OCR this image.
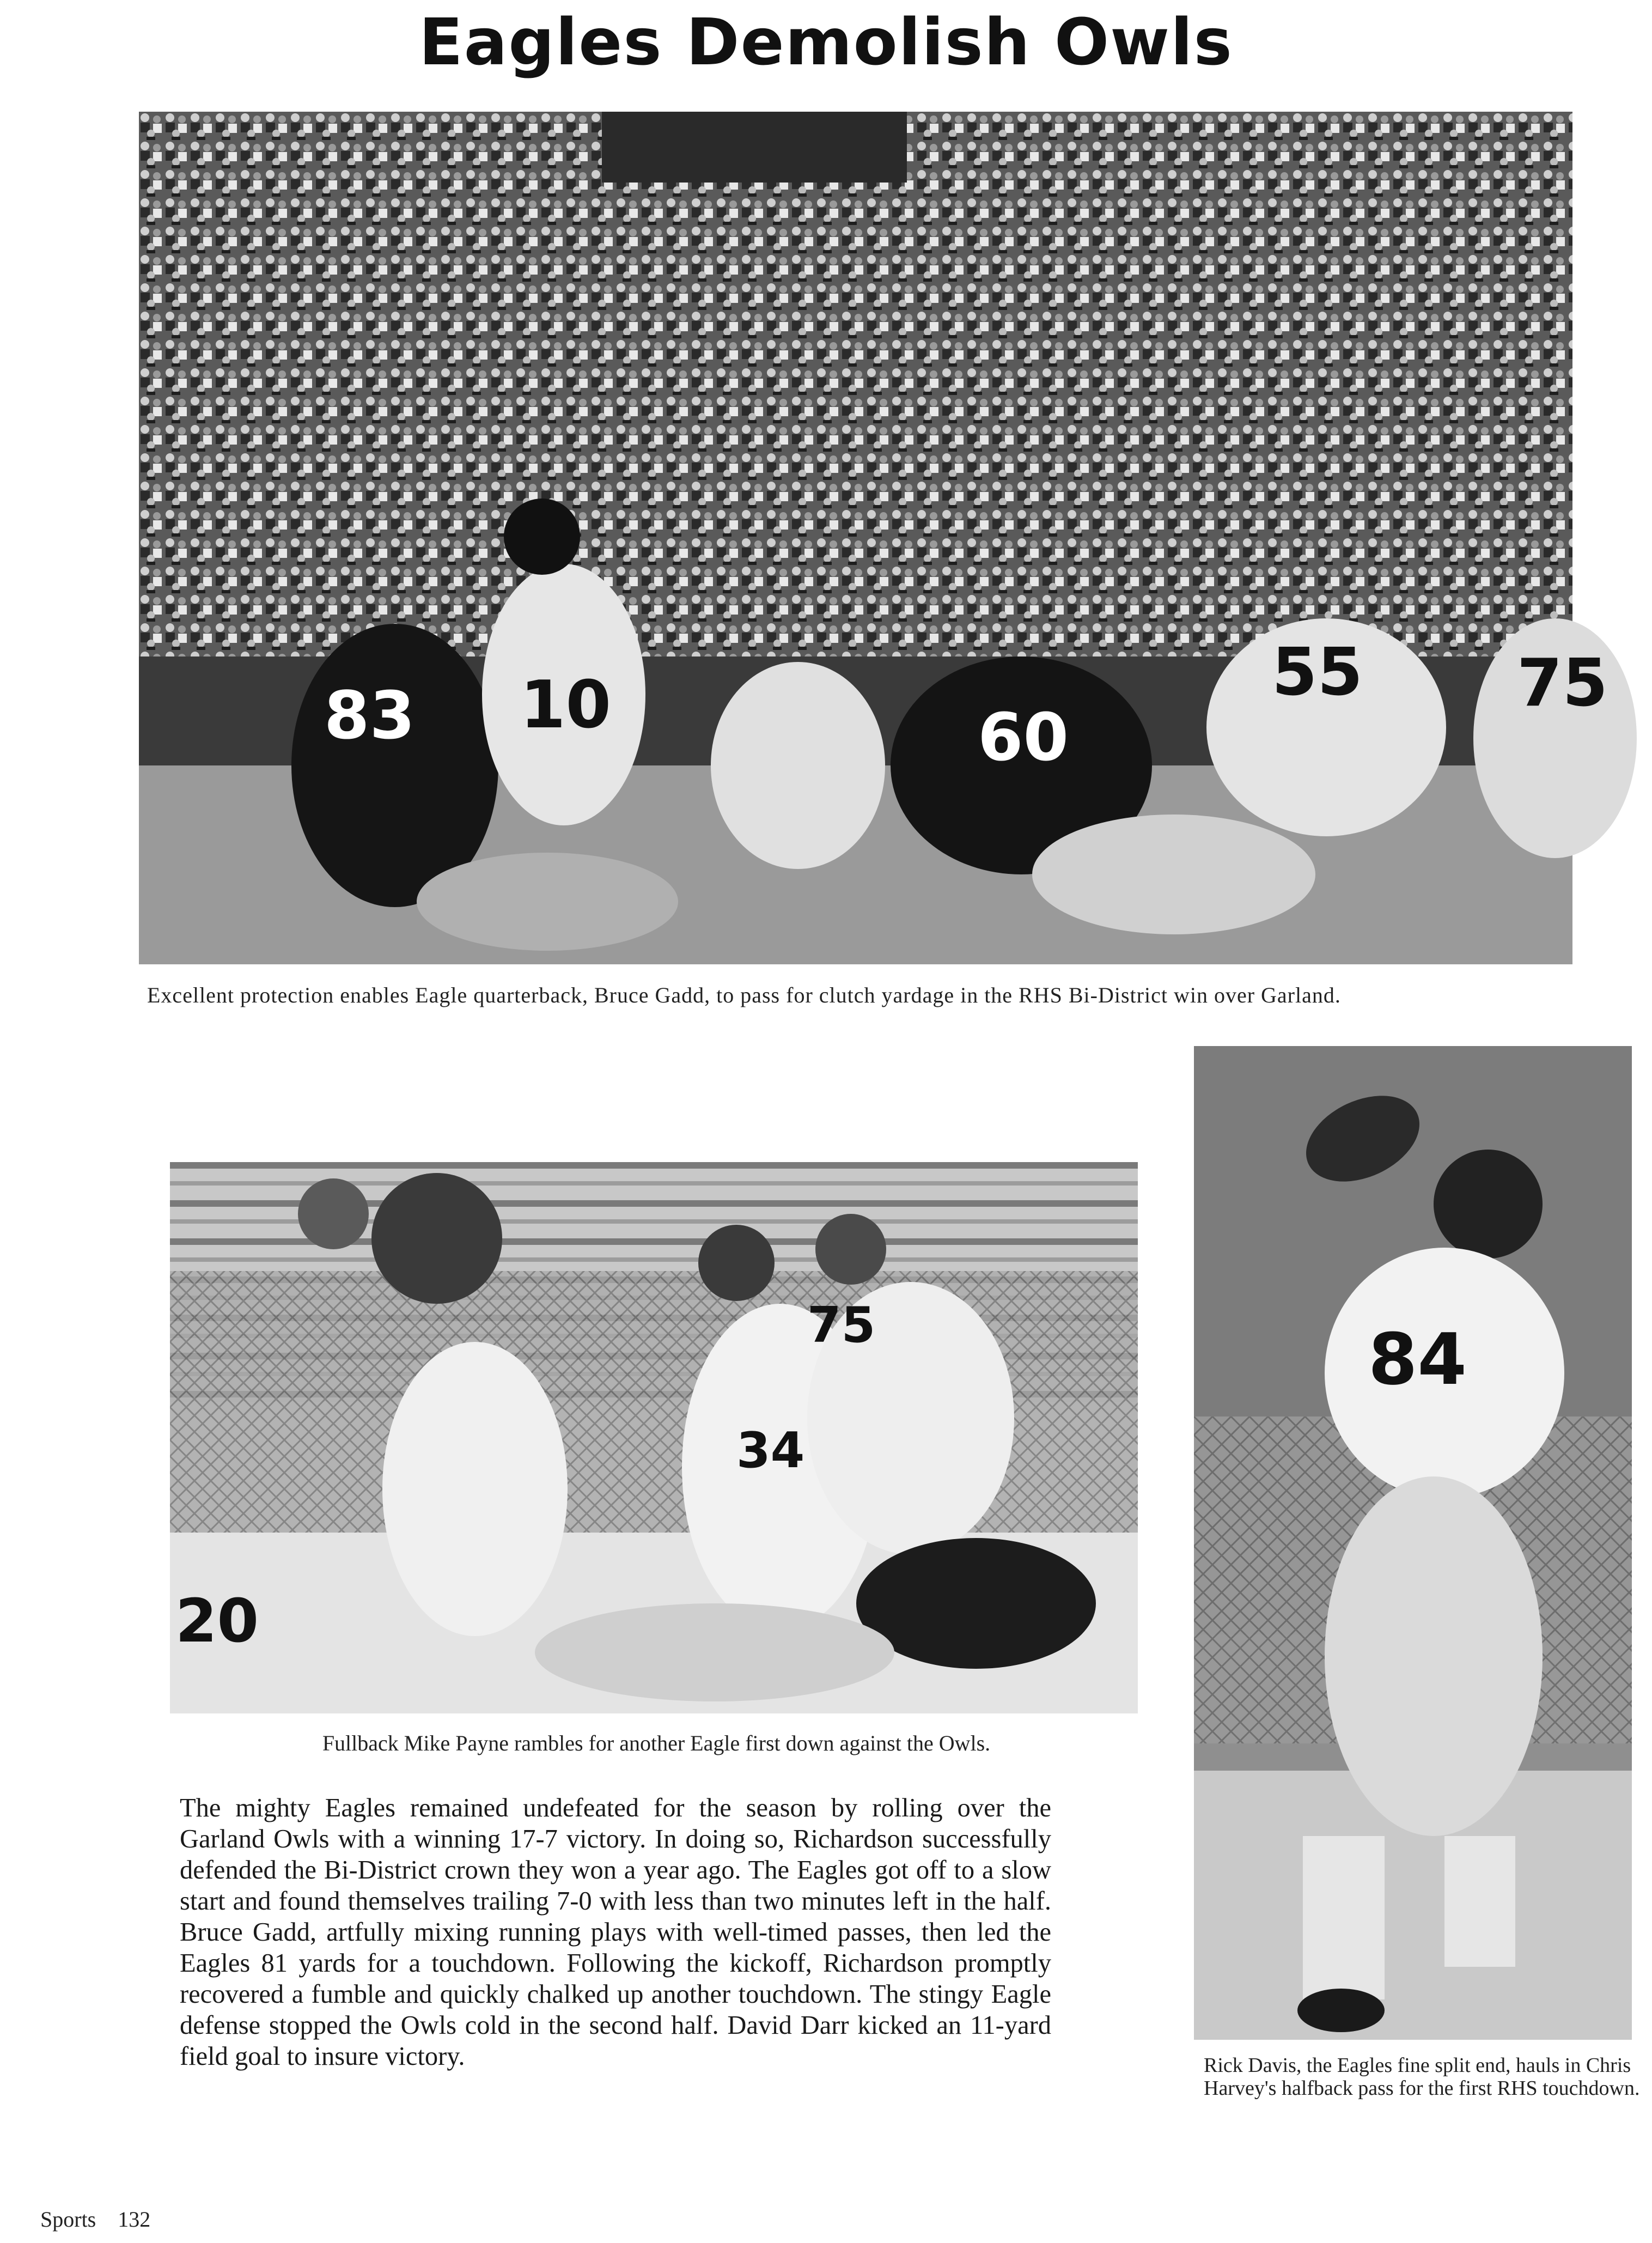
Eagles Demolish Owls
83 10	55 75
60
Excellent protection enables Eagle quarterback, Bruce Gadd, to pass for clutch yardage in the RHS Bi-District win over Garland.
34
75
20
Fullback Mike Payne rambles for another Eagle first down against the Owls.
84
Rick Davis, the Eagles fine split end, hauls in Chris Harvey's halfback pass for the first RHS touchdown.
The mighty Eagles remained undefeated for the season by rolling over the Garland Owls with a winning 17-7 victory. In doing so, Richardson successfully defended the Bi-District crown they won a year ago. The Eagles got off to a slow start and found themselves trailing 7-0 with less than two minutes left in the half. Bruce Gadd, artfully mixing running plays with well-timed passes, then led the Eagles 81 yards for a touchdown. Following the kickoff, Richardson promptly recovered a fumble and quickly chalked up another touchdown. The stingy Eagle defense stopped the Owls cold in the second half. David Darr kicked an 11-yard field goal to insure victory.
Sports 132
